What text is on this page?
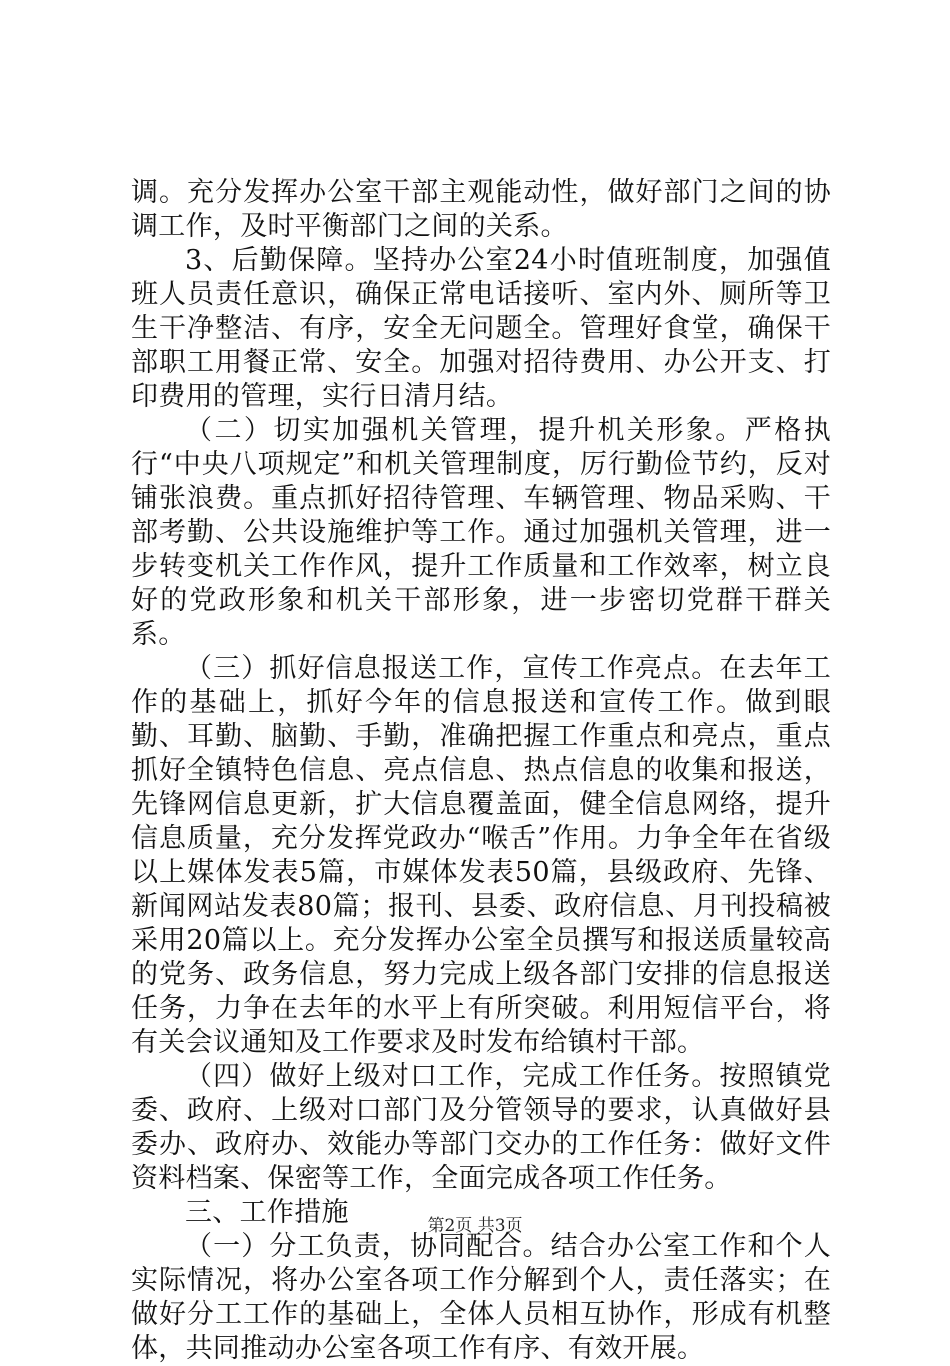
调。充分发挥办公室干部主观能动性，做好部门之间的协调工作，及时平衡部门之间的关系。

3、后勤保障。坚持办公室24小时值班制度，加强值班人员责任意识，确保正常电话接听、室内外、厕所等卫生干净整洁、有序，安全无问题全。管理好食堂，确保干部职工用餐正常、安全。加强对招待费用、办公开支、打印费用的管理，实行日清月结。

（二）切实加强机关管理，提升机关形象。严格执行“中央八项规定”和机关管理制度，厉行勤俭节约，反对铺张浪费。重点抓好招待管理、车辆管理、物品采购、干部考勤、公共设施维护等工作。通过加强机关管理，进一步转变机关工作作风，提升工作质量和工作效率，树立良好的党政形象和机关干部形象，进一步密切党群干群关系。

（三）抓好信息报送工作，宣传工作亮点。在去年工作的基础上，抓好今年的信息报送和宣传工作。做到眼勤、耳勤、脑勤、手勤，准确把握工作重点和亮点，重点抓好全镇特色信息、亮点信息、热点信息的收集和报送，先锋网信息更新，扩大信息覆盖面，健全信息网络，提升信息质量，充分发挥党政办“喉舌”作用。力争全年在省级以上媒体发表5篇，市媒体发表50篇，县级政府、先锋、新闻网站发表80篇；报刊、县委、政府信息、月刊投稿被采用20篇以上。充分发挥办公室全员撰写和报送质量较高的党务、政务信息，努力完成上级各部门安排的信息报送任务，力争在去年的水平上有所突破。利用短信平台，将有关会议通知及工作要求及时发布给镇村干部。

（四）做好上级对口工作，完成工作任务。按照镇党委、政府、上级对口部门及分管领导的要求，认真做好县委办、政府办、效能办等部门交办的工作任务：做好文件资料档案、保密等工作，全面完成各项工作任务。

三、工作措施

（一）分工负责，协同配合。结合办公室工作和个人实际情况，将办公室各项工作分解到个人，责任落实；在做好分工工作的基础上，全体人员相互协作，形成有机整体，共同推动办公室各项工作有序、有效开展。

第2页 共3页
